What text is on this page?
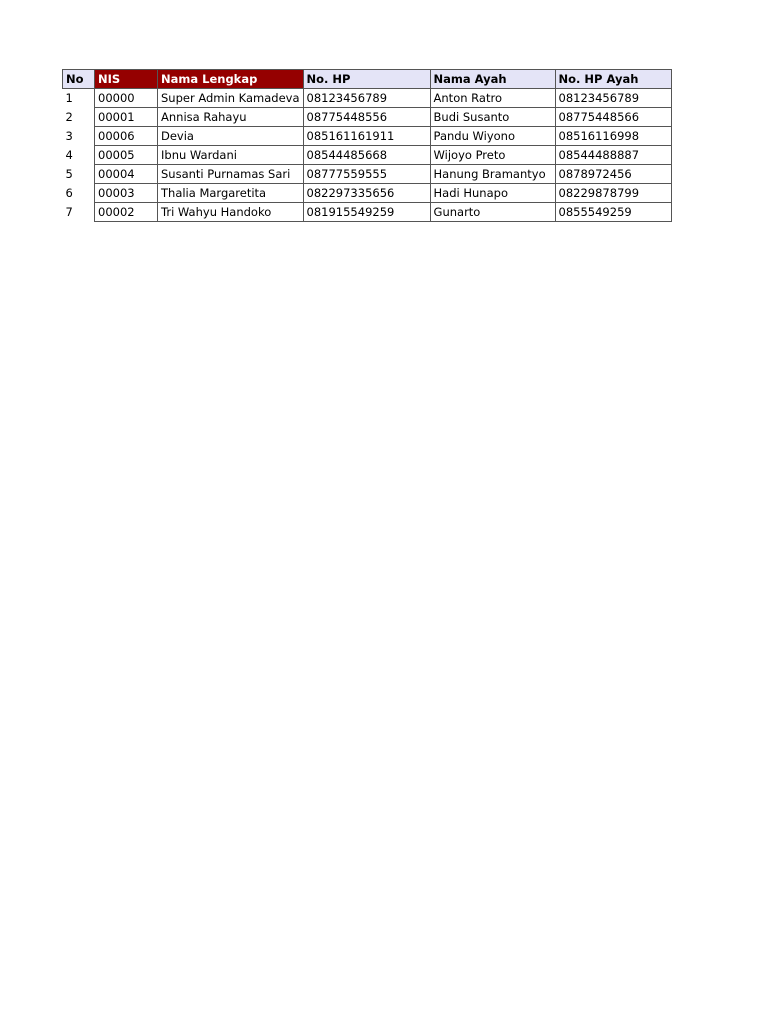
No	NIS	Nama Lengkap	No. HP	Nama Ayah	No. HP Ayah
1	00000	Super Admin Kamadeva	08123456789	Anton Ratro	08123456789
2	00001	Annisa Rahayu	08775448556	Budi Susanto	08775448566
3	00006	Devia	085161161911	Pandu Wiyono	08516116998
4	00005	Ibnu Wardani	08544485668	Wijoyo Preto	08544488887
5	00004	Susanti Purnamas Sari	08777559555	Hanung Bramantyo	0878972456
6	00003	Thalia Margaretita	082297335656	Hadi Hunapo	08229878799
7	00002	Tri Wahyu Handoko	081915549259	Gunarto	0855549259
